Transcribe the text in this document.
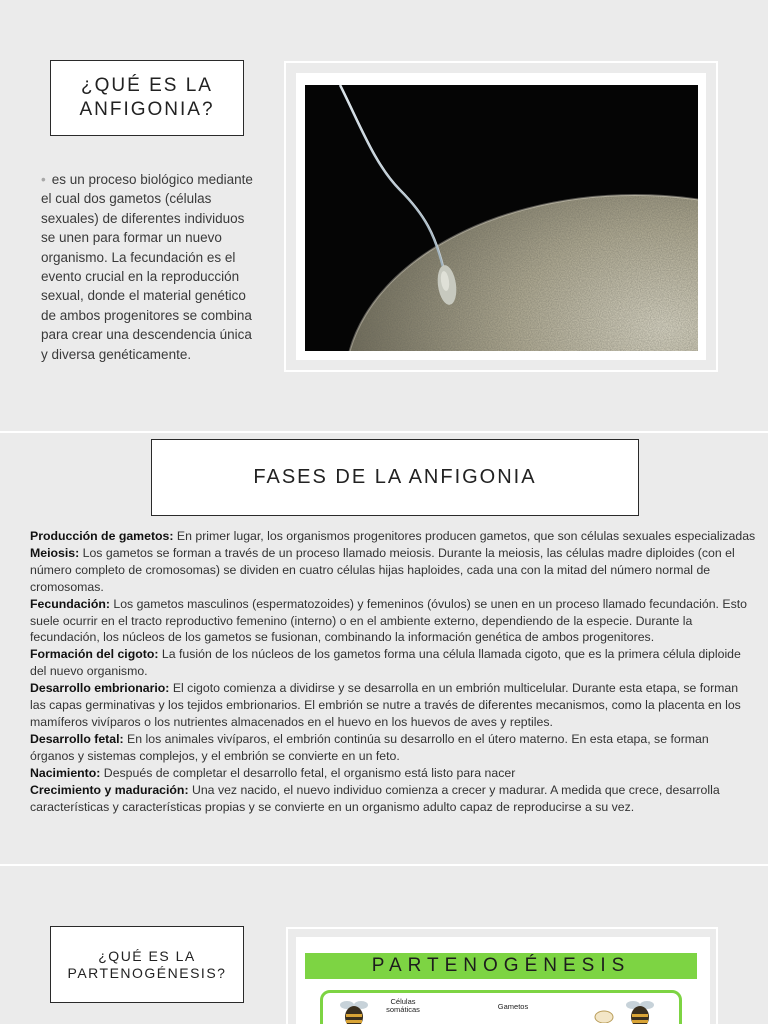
¿QUÉ ES LA
ANFIGONIA?
• es un proceso biológico mediante el cual dos gametos (células sexuales) de diferentes individuos se unen para formar un nuevo organismo. La fecundación es el evento crucial en la reproducción sexual, donde el material genético de ambos progenitores se combina para crear una descendencia única y diversa genéticamente.
FASES DE LA ANFIGONIA

Producción de gametos: En primer lugar, los organismos progenitores producen gametos, que son células sexuales especializadas

Meiosis: Los gametos se forman a través de un proceso llamado meiosis. Durante la meiosis, las células madre diploides (con el número completo de cromosomas) se dividen en cuatro células hijas haploides, cada una con la mitad del número normal de cromosomas.

Fecundación: Los gametos masculinos (espermatozoides) y femeninos (óvulos) se unen en un proceso llamado fecundación. Esto suele ocurrir en el tracto reproductivo femenino (interno) o en el ambiente externo, dependiendo de la especie. Durante la fecundación, los núcleos de los gametos se fusionan, combinando la información genética de ambos progenitores.

Formación del cigoto: La fusión de los núcleos de los gametos forma una célula llamada cigoto, que es la primera célula diploide del nuevo organismo.

Desarrollo embrionario: El cigoto comienza a dividirse y se desarrolla en un embrión multicelular. Durante esta etapa, se forman las capas germinativas y los tejidos embrionarios. El embrión se nutre a través de diferentes mecanismos, como la placenta en los mamíferos vivíparos o los nutrientes almacenados en el huevo en los huevos de aves y reptiles.

Desarrollo fetal: En los animales vivíparos, el embrión continúa su desarrollo en el útero materno. En esta etapa, se forman órganos y sistemas complejos, y el embrión se convierte en un feto.

Nacimiento: Después de completar el desarrollo fetal, el organismo está listo para nacer

Crecimiento y maduración: Una vez nacido, el nuevo individuo comienza a crecer y madurar. A medida que crece, desarrolla características y características propias y se convierte en un organismo adulto capaz de reproducirse a su vez.

¿QUÉ ES LA
PARTENOGÉNESIS?	PARTENOGÉNESIS
Células
somáticas	Gametos
